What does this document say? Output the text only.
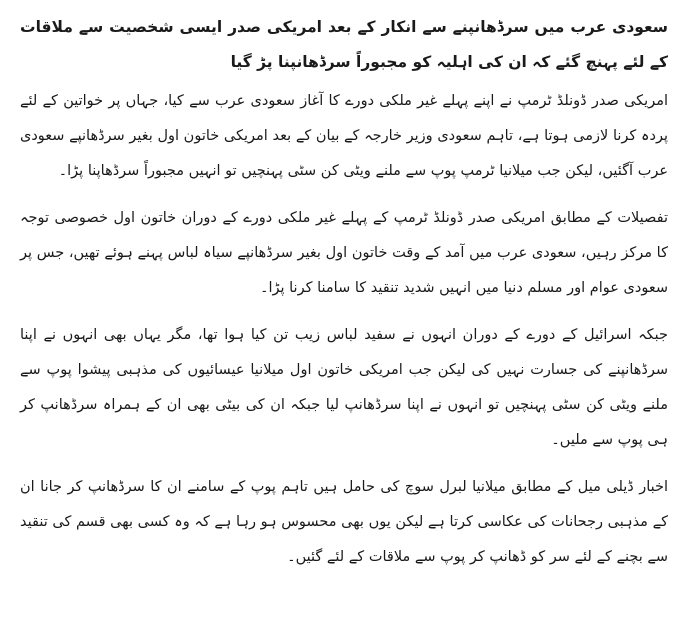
سعودی عرب میں سرڈھانپنے سے انکار کے بعد امریکی صدر ایسی شخصیت سے ملاقات کے لئے پہنچ گئے کہ ان کی اہلیہ کو مجبوراً سرڈھانپنا پڑ گیا

امریکی صدر ڈونلڈ ٹرمپ نے اپنے پہلے غیر ملکی دورے کا آغاز سعودی عرب سے کیا، جہاں پر خواتین کے لئے پردہ کرنا لازمی ہوتا ہے، تاہم سعودی وزیر خارجہ کے بیان کے بعد امریکی خاتون اول بغیر سرڈھانپے سعودی عرب آگئیں، لیکن جب میلانیا ٹرمپ پوپ سے ملنے ویٹی کن سٹی پہنچیں تو انہیں مجبوراً سرڈھاپنا پڑا۔

تفصیلات کے مطابق امریکی صدر ڈونلڈ ٹرمپ کے پہلے غیر ملکی دورے کے دوران خاتون اول خصوصی توجہ کا مرکز رہیں، سعودی عرب میں آمد کے وقت خاتون اول بغیر سرڈھانپے سیاہ لباس پہنے ہوئے تھیں، جس پر سعودی عوام اور مسلم دنیا میں انہیں شدید تنقید کا سامنا کرنا پڑا۔

جبکہ اسرائیل کے دورے کے دوران انہوں نے سفید لباس زیب تن کیا ہوا تھا، مگر یہاں بھی انہوں نے اپنا سرڈھانپنے کی جسارت نہیں کی لیکن جب امریکی خاتون اول میلانیا عیسائیوں کی مذہبی پیشوا پوپ سے ملنے ویٹی کن سٹی پہنچیں تو انہوں نے اپنا سرڈھانپ لیا جبکہ ان کی بیٹی بھی ان کے ہمراہ سرڈھانپ کر ہی پوپ سے ملیں۔

اخبار ڈیلی میل کے مطابق میلانیا لبرل سوچ کی حامل ہیں تاہم پوپ کے سامنے ان کا سرڈھانپ کر جانا ان کے مذہبی رجحانات کی عکاسی کرتا ہے لیکن یوں بھی محسوس ہو رہا ہے کہ وہ کسی بھی قسم کی تنقید سے بچنے کے لئے سر کو ڈھانپ کر پوپ سے ملاقات کے لئے گئیں۔
